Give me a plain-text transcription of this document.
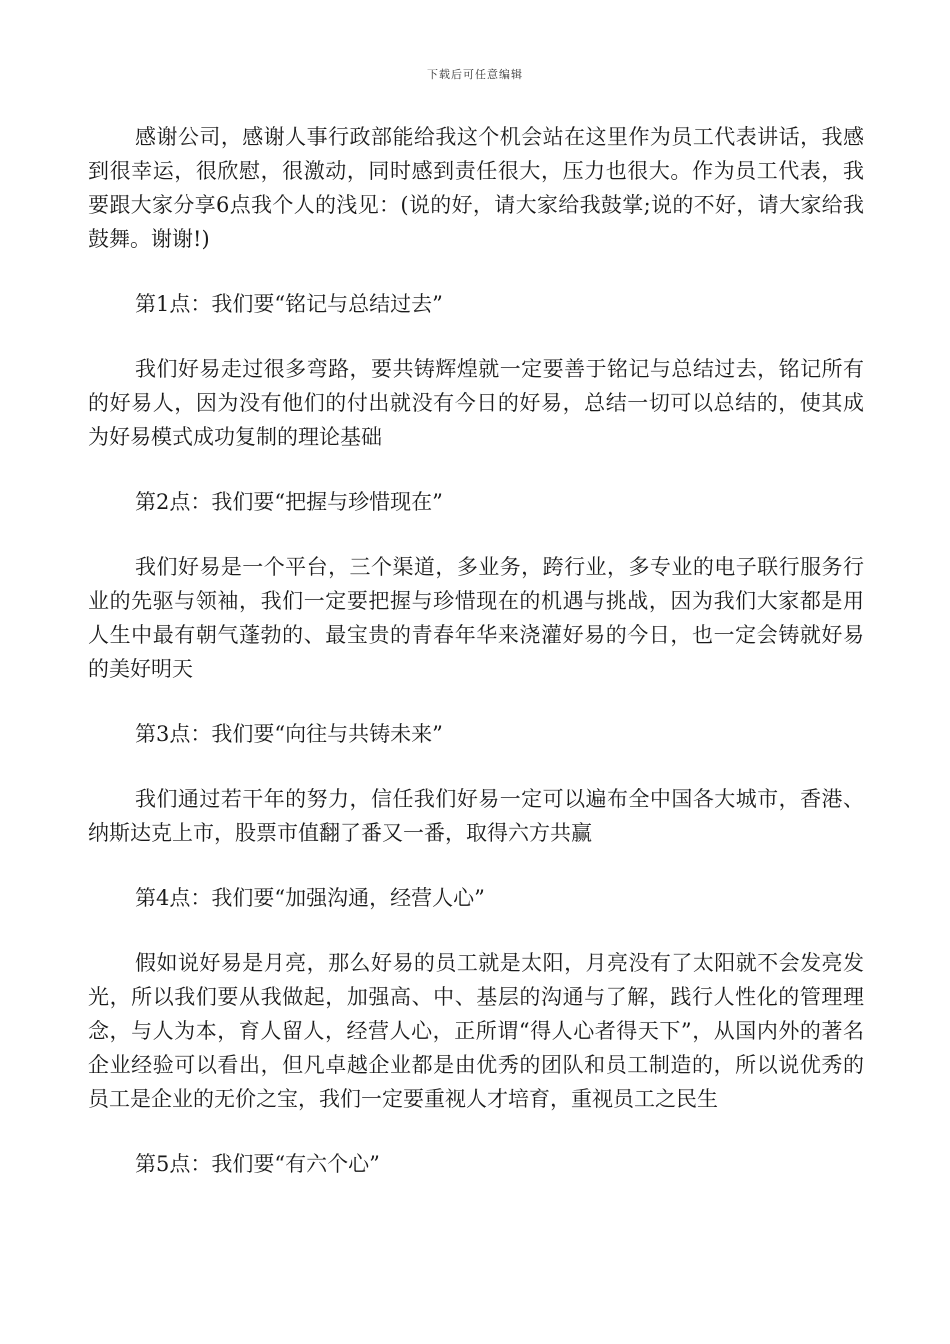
下载后可任意编辑

感谢公司，感谢人事行政部能给我这个机会站在这里作为员工代表讲话，我感到很幸运，很欣慰，很激动，同时感到责任很大，压力也很大。作为员工代表，我要跟大家分享6点我个人的浅见：(说的好，请大家给我鼓掌;说的不好，请大家给我鼓舞。谢谢!)

第1点：我们要“铭记与总结过去”

我们好易走过很多弯路，要共铸辉煌就一定要善于铭记与总结过去，铭记所有的好易人，因为没有他们的付出就没有今日的好易，总结一切可以总结的，使其成为好易模式成功复制的理论基础

第2点：我们要“把握与珍惜现在”

我们好易是一个平台，三个渠道，多业务，跨行业，多专业的电子联行服务行业的先驱与领袖，我们一定要把握与珍惜现在的机遇与挑战，因为我们大家都是用人生中最有朝气蓬勃的、最宝贵的青春年华来浇灌好易的今日，也一定会铸就好易的美好明天

第3点：我们要“向往与共铸未来”

我们通过若干年的努力，信任我们好易一定可以遍布全中国各大城市，香港、纳斯达克上市，股票市值翻了番又一番，取得六方共赢

第4点：我们要“加强沟通，经营人心”

假如说好易是月亮，那么好易的员工就是太阳，月亮没有了太阳就不会发亮发光，所以我们要从我做起，加强高、中、基层的沟通与了解，践行人性化的管理理念，与人为本，育人留人，经营人心，正所谓“得人心者得天下”，从国内外的著名企业经验可以看出，但凡卓越企业都是由优秀的团队和员工制造的，所以说优秀的员工是企业的无价之宝，我们一定要重视人才培育，重视员工之民生

第5点：我们要“有六个心”
